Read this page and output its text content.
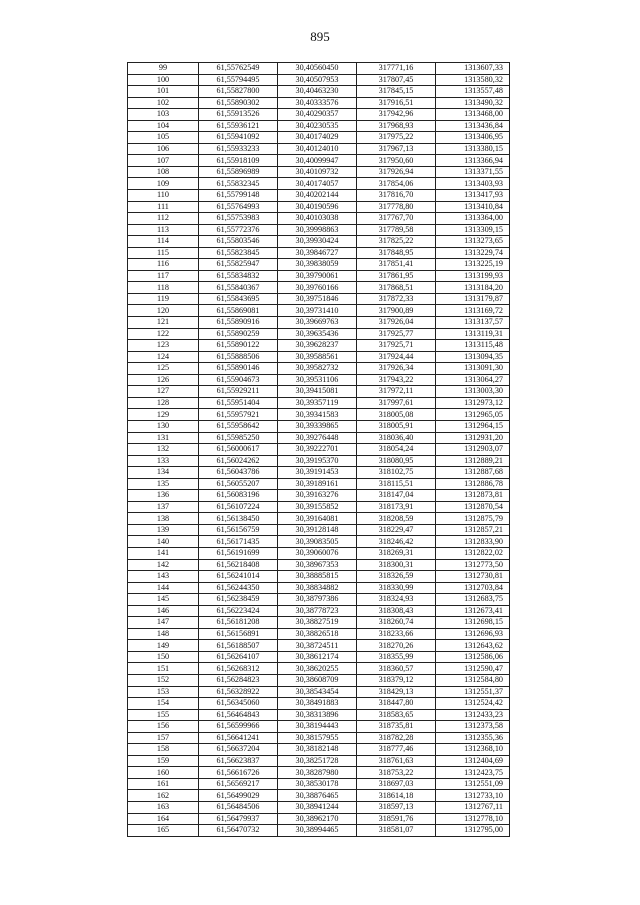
895
99	61,55762549	30,40560450	317771,16	1313607,33
100	61,55794495	30,40507953	317807,45	1313580,32
101	61,55827800	30,40463230	317845,15	1313557,48
102	61,55890302	30,40333576	317916,51	1313490,32
103	61,55913526	30,40290357	317942,96	1313468,00
104	61,55936121	30,40230535	317968,93	1313436,84
105	61,55941092	30,40174029	317975,22	1313406,95
106	61,55933233	30,40124010	317967,13	1313380,15
107	61,55918109	30,40099947	317950,60	1313366,94
108	61,55896989	30,40109732	317926,94	1313371,55
109	61,55832345	30,40174057	317854,06	1313403,93
110	61,55799148	30,40202144	317816,70	1313417,93
111	61,55764993	30,40190596	317778,80	1313410,84
112	61,55753983	30,40103038	317767,70	1313364,00
113	61,55772376	30,39998863	317789,58	1313309,15
114	61,55803546	30,39930424	317825,22	1313273,65
115	61,55823845	30,39846727	317848,95	1313229,74
116	61,55825947	30,39838059	317851,41	1313225,19
117	61,55834832	30,39790061	317861,95	1313199,93
118	61,55840367	30,39760166	317868,51	1313184,20
119	61,55843695	30,39751846	317872,33	1313179,87
120	61,55869081	30,39731410	317900,89	1313169,72
121	61,55890916	30,39669763	317926,04	1313137,57
122	61,55890259	30,39635436	317925,77	1313119,31
123	61,55890122	30,39628237	317925,71	1313115,48
124	61,55888506	30,39588561	317924,44	1313094,35
125	61,55890146	30,39582732	317926,34	1313091,30
126	61,55904673	30,39531106	317943,22	1313064,27
127	61,55929211	30,39415081	317972,11	1313003,30
128	61,55951404	30,39357119	317997,61	1312973,12
129	61,55957921	30,39341583	318005,08	1312965,05
130	61,55958642	30,39339865	318005,91	1312964,15
131	61,55985250	30,39276448	318036,40	1312931,20
132	61,56000617	30,39222701	318054,24	1312903,07
133	61,56024262	30,39195370	318080,95	1312889,21
134	61,56043786	30,39191453	318102,75	1312887,68
135	61,56055207	30,39189161	318115,51	1312886,78
136	61,56083196	30,39163276	318147,04	1312873,81
137	61,56107224	30,39155852	318173,91	1312870,54
138	61,56138450	30,39164081	318208,59	1312875,79
139	61,56156759	30,39128148	318229,47	1312857,21
140	61,56171435	30,39083505	318246,42	1312833,90
141	61,56191699	30,39060076	318269,31	1312822,02
142	61,56218408	30,38967353	318300,31	1312773,50
143	61,56241014	30,38885815	318326,59	1312730,81
144	61,56244350	30,38834882	318330,99	1312703,84
145	61,56238459	30,38797386	318324,93	1312683,75
146	61,56223424	30,38778723	318308,43	1312673,41
147	61,56181208	30,38827519	318260,74	1312698,15
148	61,56156891	30,38826518	318233,66	1312696,93
149	61,56188507	30,38724511	318270,26	1312643,62
150	61,56264107	30,38612174	318355,99	1312586,06
151	61,56268312	30,38620255	318360,57	1312590,47
152	61,56284823	30,38608709	318379,12	1312584,80
153	61,56328922	30,38543454	318429,13	1312551,37
154	61,56345060	30,38491883	318447,80	1312524,42
155	61,56464843	30,38313896	318583,65	1312433,23
156	61,56599966	30,38194443	318735,81	1312373,58
157	61,56641241	30,38157955	318782,28	1312355,36
158	61,56637204	30,38182148	318777,46	1312368,10
159	61,56623837	30,38251728	318761,63	1312404,69
160	61,56616726	30,38287980	318753,22	1312423,75
161	61,56569217	30,38530178	318697,03	1312551,09
162	61,56499029	30,38876465	318614,18	1312733,10
163	61,56484506	30,38941244	318597,13	1312767,11
164	61,56479937	30,38962170	318591,76	1312778,10
165	61,56470732	30,38994465	318581,07	1312795,00
